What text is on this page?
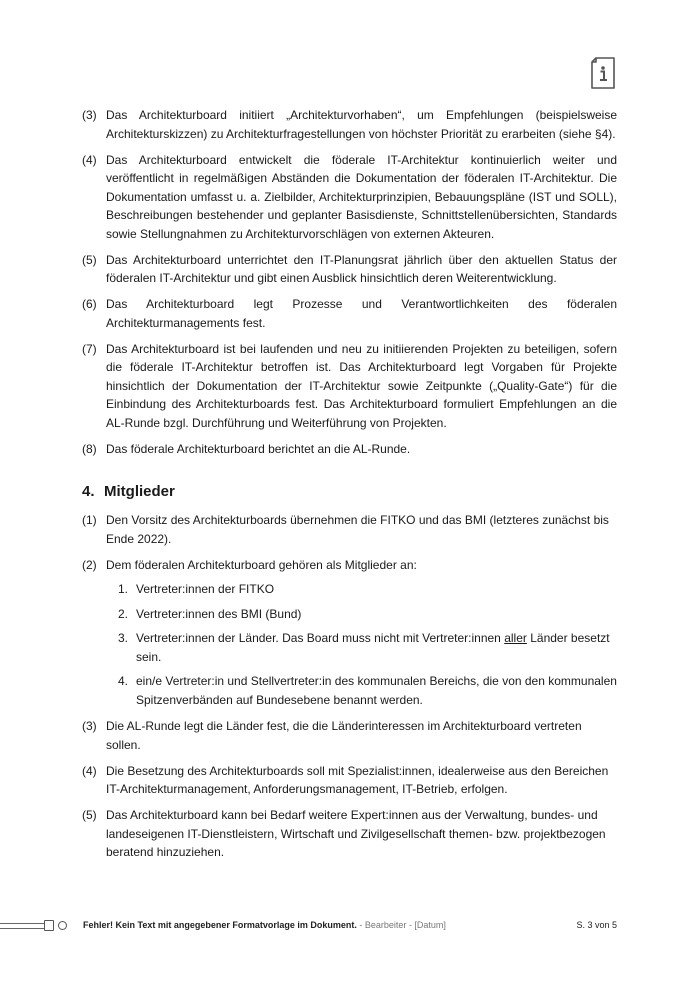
(3) Das Architekturboard initiiert „Architekturvorhaben“, um Empfehlungen (beispielsweise Architekturskizzen) zu Architekturfragestellungen von höchster Priorität zu erarbeiten (siehe §4).
(4) Das Architekturboard entwickelt die föderale IT-Architektur kontinuierlich weiter und veröffentlicht in regelmäßigen Abständen die Dokumentation der föderalen IT-Architektur. Die Dokumentation umfasst u. a. Zielbilder, Architekturprinzipien, Bebauungspläne (IST und SOLL), Beschreibungen bestehender und geplanter Basisdienste, Schnittstellenübersichten, Standards sowie Stellungnahmen zu Architekturvorschlägen von externen Akteuren.
(5) Das Architekturboard unterrichtet den IT-Planungsrat jährlich über den aktuellen Status der föderalen IT-Architektur und gibt einen Ausblick hinsichtlich deren Weiterentwicklung.
(6) Das Architekturboard legt Prozesse und Verantwortlichkeiten des föderalen Architekturmanagements fest.
(7) Das Architekturboard ist bei laufenden und neu zu initiierenden Projekten zu beteiligen, sofern die föderale IT-Architektur betroffen ist. Das Architekturboard legt Vorgaben für Projekte hinsichtlich der Dokumentation der IT-Architektur sowie Zeitpunkte („Quality-Gate“) für die Einbindung des Architekturboards fest. Das Architekturboard formuliert Empfehlungen an die AL-Runde bzgl. Durchführung und Weiterführung von Projekten.
(8) Das föderale Architekturboard berichtet an die AL-Runde.
4. Mitglieder
(1) Den Vorsitz des Architekturboards übernehmen die FITKO und das BMI (letzteres zunächst bis Ende 2022).
(2) Dem föderalen Architekturboard gehören als Mitglieder an:
1. Vertreter:innen der FITKO
2. Vertreter:innen des BMI (Bund)
3. Vertreter:innen der Länder. Das Board muss nicht mit Vertreter:innen aller Länder besetzt sein.
4. ein/e Vertreter:in und Stellvertreter:in des kommunalen Bereichs, die von den kommunalen Spitzenverbänden auf Bundesebene benannt werden.
(3) Die AL-Runde legt die Länder fest, die die Länderinteressen im Architekturboard vertreten sollen.
(4) Die Besetzung des Architekturboards soll mit Spezialist:innen, idealerweise aus den Bereichen IT-Architekturmanagement, Anforderungsmanagement, IT-Betrieb, erfolgen.
(5) Das Architekturboard kann bei Bedarf weitere Expert:innen aus der Verwaltung, bundes- und landeseigenen IT-Dienstleistern, Wirtschaft und Zivilgesellschaft themen- bzw. projektbezogen beratend hinzuziehen.
Fehler! Kein Text mit angegebener Formatvorlage im Dokument. - Bearbeiter - [Datum]	S. 3 von 5
